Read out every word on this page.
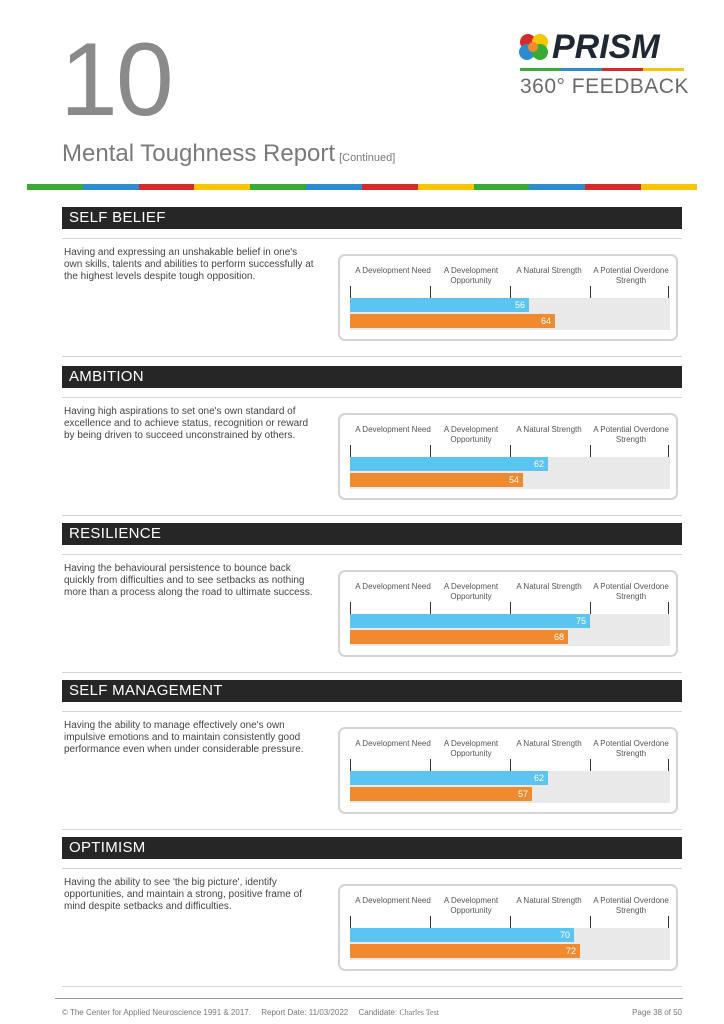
10
Mental Toughness Report [Continued]
PRISM
360° FEEDBACK
SELF BELIEF
Having and expressing an unshakable belief in one's own skills, talents and abilities to perform successfully at the highest levels despite tough opposition.
A Development Need	A Development Opportunity
A Natural Strength	A Potential Overdone Strength
56
64
AMBITION
Having high aspirations to set one's own standard of excellence and to achieve status, recognition or reward by being driven to succeed unconstrained by others.
A Development Need	A Development Opportunity
A Natural Strength	A Potential Overdone Strength
62
54
RESILIENCE
Having the behavioural persistence to bounce back quickly from difficulties and to see setbacks as nothing more than a process along the road to ultimate success.
A Development Need	A Development Opportunity
A Natural Strength	A Potential Overdone Strength
75
68
SELF MANAGEMENT
Having the ability to manage effectively one's own impulsive emotions and to maintain consistently good performance even when under considerable pressure.
A Development Need	A Development Opportunity
A Natural Strength	A Potential Overdone Strength
62
57
OPTIMISM
Having the ability to see 'the big picture', identify opportunities, and maintain a strong, positive frame of mind despite setbacks and difficulties.
A Development Need	A Development Opportunity
A Natural Strength	A Potential Overdone Strength
70
72
© The Center for Applied Neuroscience 1991 & 2017. Report Date: 11/03/2022 Candidate: Charles Test	Page 38 of 50
